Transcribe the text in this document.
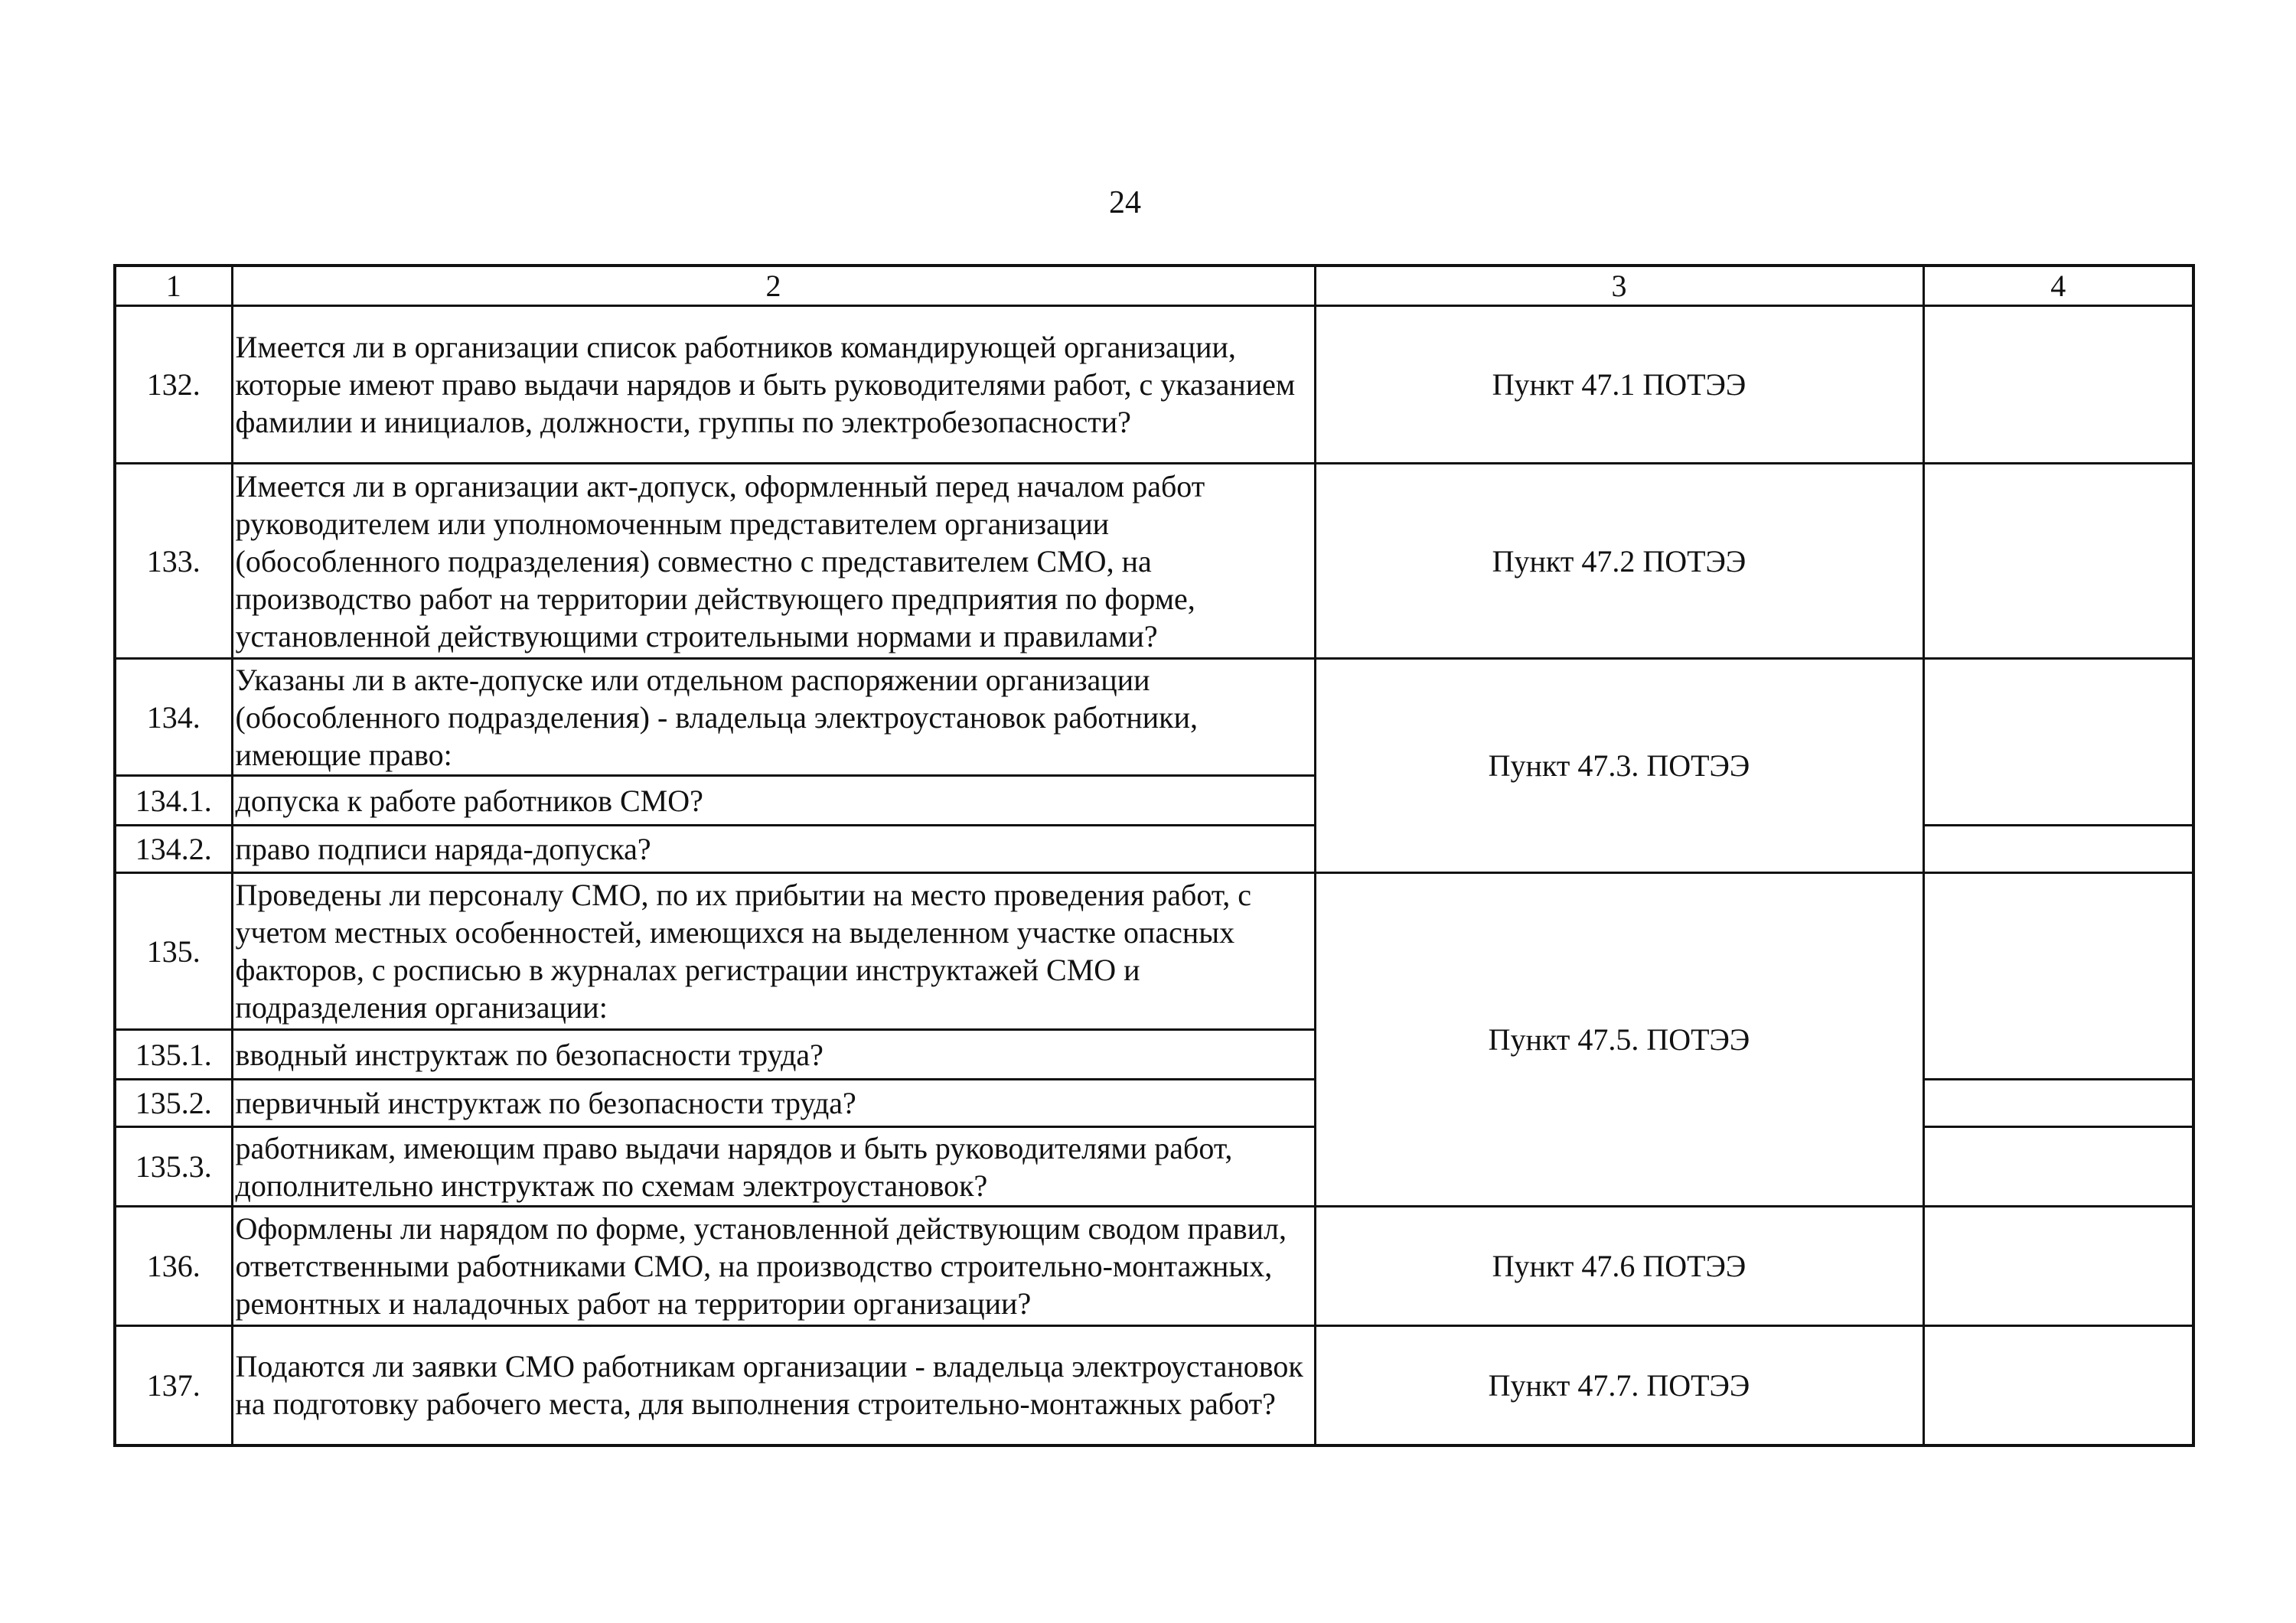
24
1	2	3	4
132.	Имеется ли в организации список работников командирующей организации, которые имеют право выдачи нарядов и быть руководителями работ, с указанием фамилии и инициалов, должности, группы по электробезопасности?	Пункт 47.1 ПОТЭЭ	
133.	Имеется ли в организации акт-допуск, оформленный перед началом работ руководителем или уполномоченным представителем организации (обособленного подразделения) совместно с представителем СМО, на производство работ на территории действующего предприятия по форме, установленной действующими строительными нормами и правилами?	Пункт 47.2 ПОТЭЭ	
134.	Указаны ли в акте-допуске или отдельном распоряжении организации (обособленного подразделения) - владельца электроустановок работники, имеющие право:	Пункт 47.3. ПОТЭЭ	
134.1.	допуска к работе работников СМО?		
134.2.	право подписи наряда-допуска?		
135.	Проведены ли персоналу СМО, по их прибытии на место проведения работ, с учетом местных особенностей, имеющихся на выделенном участке опасных факторов, с росписью в журналах регистрации инструктажей СМО и подразделения организации:	Пункт 47.5. ПОТЭЭ	
135.1.	вводный инструктаж по безопасности труда?		
135.2.	первичный инструктаж по безопасности труда?		
135.3.	работникам, имеющим право выдачи нарядов и быть руководителями работ, дополнительно инструктаж по схемам электроустановок?		
136.	Оформлены ли нарядом по форме, установленной действующим сводом правил, ответственными работниками СМО, на производство строительно-монтажных, ремонтных и наладочных работ на территории организации?	Пункт 47.6 ПОТЭЭ	
137.	Подаются ли заявки СМО работникам организации - владельца электроустановок на подготовку рабочего места, для выполнения строительно-монтажных работ?	Пункт 47.7. ПОТЭЭ	
